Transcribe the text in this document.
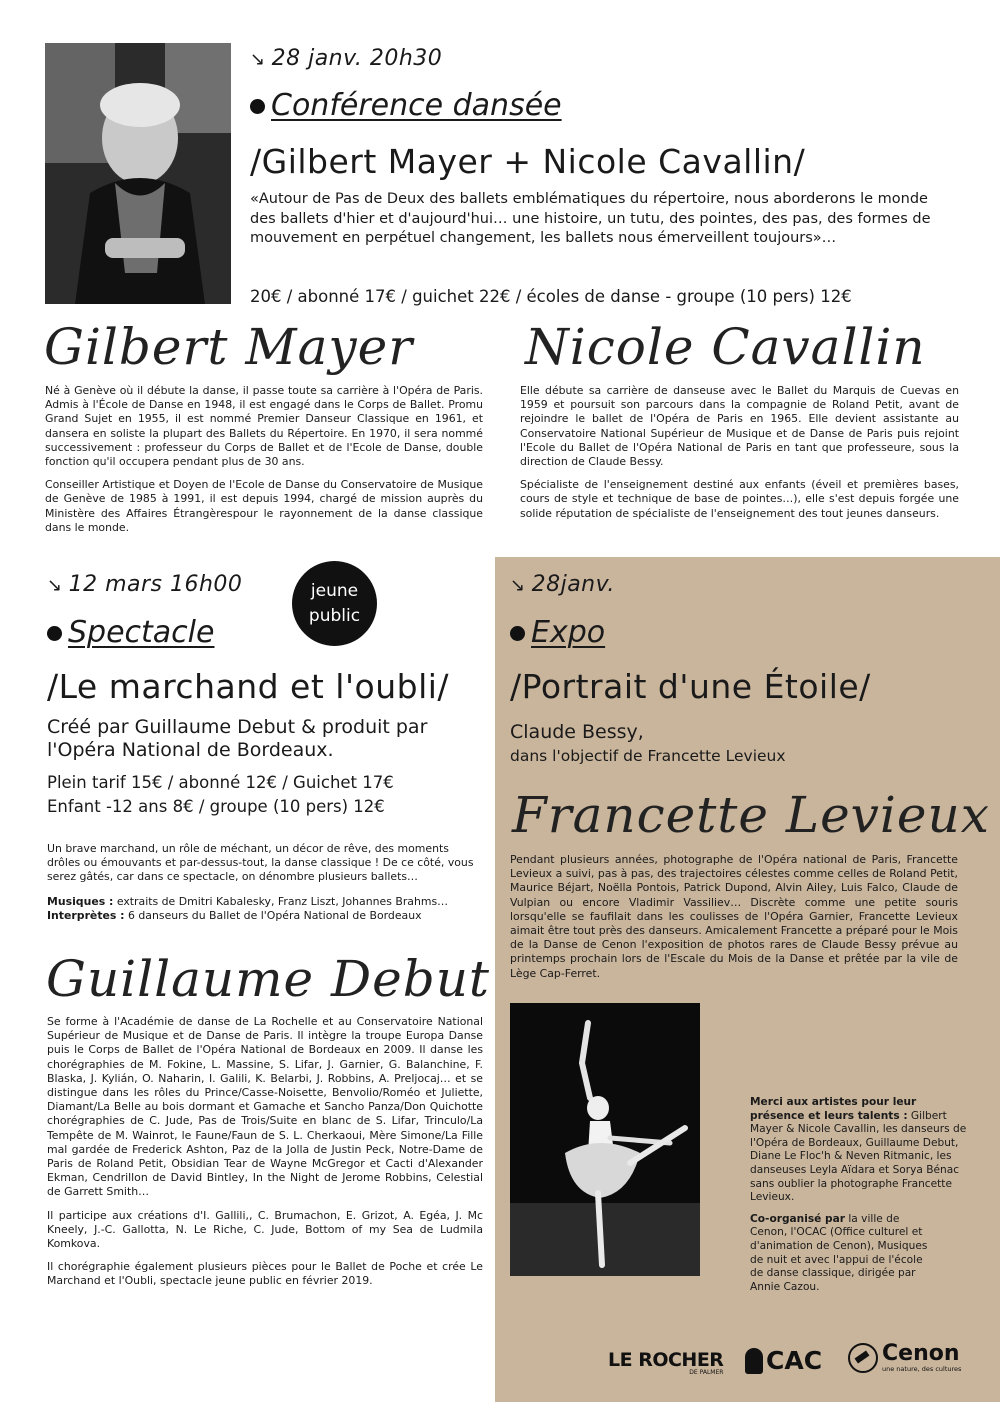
↘ 28 janv. 20h30
Conférence dansée
/Gilbert Mayer + Nicole Cavallin/
«Autour de Pas de Deux des ballets emblématiques du répertoire, nous aborderons le monde des ballets d'hier et d'aujourd'hui… une histoire, un tutu, des pointes, des pas, des formes de mouvement en perpétuel changement, les ballets nous émerveillent toujours»…
20€ / abonné 17€ / guichet 22€ / écoles de danse - groupe (10 pers) 12€
Gilbert Mayer

Né à Genève où il débute la danse, il passe toute sa carrière à l'Opéra de Paris. Admis à l'École de Danse en 1948, il est engagé dans le Corps de Ballet. Promu Grand Sujet en 1955, il est nommé Premier Danseur Classique en 1961, et dansera en soliste la plupart des Ballets du Répertoire. En 1970, il sera nommé successivement : professeur du Corps de Ballet et de l'Ecole de Danse, double fonction qu'il occupera pendant plus de 30 ans.

Conseiller Artistique et Doyen de l'Ecole de Danse du Conservatoire de Musique de Genève de 1985 à 1991, il est depuis 1994, chargé de mission auprès du Ministère des Affaires Étrangèrespour le rayonnement de la danse classique dans le monde.

Nicole Cavallin

Elle débute sa carrière de danseuse avec le Ballet du Marquis de Cuevas en 1959 et poursuit son parcours dans la compagnie de Roland Petit, avant de rejoindre le ballet de l'Opéra de Paris en 1965. Elle devient assistante au Conservatoire National Supérieur de Musique et de Danse de Paris puis rejoint l'Ecole du Ballet de l'Opéra National de Paris en tant que professeure, sous la direction de Claude Bessy.

Spécialiste de l'enseignement destiné aux enfants (éveil et premières bases, cours de style et technique de base de pointes…), elle s'est depuis forgée une solide réputation de spécialiste de l'enseignement des tout jeunes danseurs.

↘ 12 mars 16h00	jeune
public
Spectacle
/Le marchand et l'oubli/
Créé par Guillaume Debut & produit par l'Opéra National de Bordeaux.
Plein tarif 15€ / abonné 12€ / Guichet 17€
Enfant -12 ans 8€ / groupe (10 pers) 12€
Un brave marchand, un rôle de méchant, un décor de rêve, des moments drôles ou émouvants et par-dessus-tout, la danse classique ! De ce côté, vous serez gâtés, car dans ce spectacle, on dénombre plusieurs ballets…
Musiques : extraits de Dmitri Kabalesky, Franz Liszt, Johannes Brahms…
Interprètes : 6 danseurs du Ballet de l'Opéra National de Bordeaux
Guillaume Debut

Se forme à l'Académie de danse de La Rochelle et au Conservatoire National Supérieur de Musique et de Danse de Paris. Il intègre la troupe Europa Danse puis le Corps de Ballet de l'Opéra National de Bordeaux en 2009. Il danse les chorégraphies de M. Fokine, L. Massine, S. Lifar, J. Garnier, G. Balanchine, F. Blaska, J. Kylián, O. Naharin, I. Galili, K. Belarbi, J. Robbins, A. Preljocaj… et se distingue dans les rôles du Prince/Casse-Noisette, Benvolio/Roméo et Juliette, Diamant/La Belle au bois dormant et Gamache et Sancho Panza/Don Quichotte chorégraphies de C. Jude, Pas de Trois/Suite en blanc de S. Lifar, Trinculo/La Tempête de M. Wainrot, le Faune/Faun de S. L. Cherkaoui, Mère Simone/La Fille mal gardée de Frederick Ashton, Paz de la Jolla de Justin Peck, Notre-Dame de Paris de Roland Petit, Obsidian Tear de Wayne McGregor et Cacti d'Alexander Ekman, Cendrillon de David Bintley, In the Night de Jerome Robbins, Celestial de Garrett Smith…

Il participe aux créations d'I. Gallili,, C. Brumachon, E. Grizot, A. Egéa, J. Mc Kneely, J.-C. Gallotta, N. Le Riche, C. Jude, Bottom of my Sea de Ludmila Komkova.

Il chorégraphie également plusieurs pièces pour le Ballet de Poche et crée Le Marchand et l'Oubli, spectacle jeune public en février 2019.

↘ 28janv.
Expo
/Portrait d'une Étoile/
Claude Bessy,
dans l'objectif de Francette Levieux
Francette Levieux
Pendant plusieurs années, photographe de l'Opéra national de Paris, Francette Levieux a suivi, pas à pas, des trajectoires célestes comme celles de Roland Petit, Maurice Béjart, Noëlla Pontois, Patrick Dupond, Alvin Ailey, Luis Falco, Claude de Vulpian ou encore Vladimir Vassiliev… Discrète comme une petite souris lorsqu'elle se faufilait dans les coulisses de l'Opéra Garnier, Francette Levieux aimait être tout près des danseurs. Amicalement Francette a préparé pour le Mois de la Danse de Cenon l'exposition de photos rares de Claude Bessy prévue au printemps prochain lors de l'Escale du Mois de la Danse et prêtée par la vile de Lège Cap-Ferret.

Merci aux artistes pour leur présence et leurs talents : Gilbert Mayer & Nicole Cavallin, les danseurs de l'Opéra de Bordeaux, Guillaume Debut, Diane Le Floc'h & Neven Ritmanic, les danseuses Leyla Aïdara et Sorya Bénac sans oublier la photographe Francette Levieux.

Co-organisé par la ville de Cenon, l'OCAC (Office culturel et d'animation de Cenon), Musiques de nuit et avec l'appui de l'école de danse classique, dirigée par Annie Cazou.

LE ROCHER
DE PALMER CAC	Cenon
une nature, des cultures
